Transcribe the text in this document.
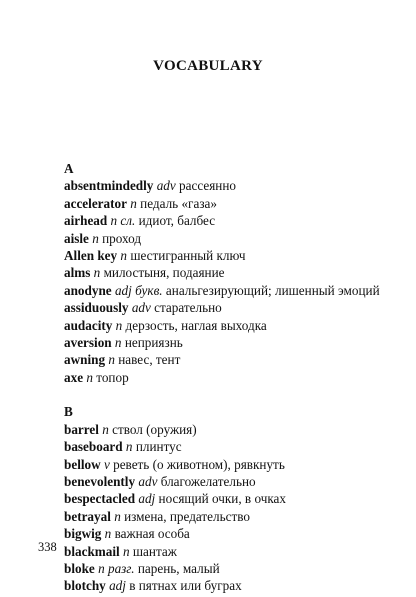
VOCABULARY
A
absentmindedly adv рассеянно
accelerator n педаль «газа»
airhead n сл. идиот, балбес
aisle n проход
Allen key n шестигранный ключ
alms n милостыня, подаяние
anodyne adj букв. анальгезирующий; лишенный эмоций
assiduously adv старательно
audacity n дерзость, наглая выходка
aversion n неприязнь
awning n навес, тент
axe n топор
B
barrel n ствол (оружия)
baseboard n плинтус
bellow v реветь (о животном), рявкнуть
benevolently adv благожелательно
bespectacled adj носящий очки, в очках
betrayal n измена, предательство
bigwig n важная особа
blackmail n шантаж
bloke n разг. парень, малый
blotchy adj в пятнах или буграх
338
